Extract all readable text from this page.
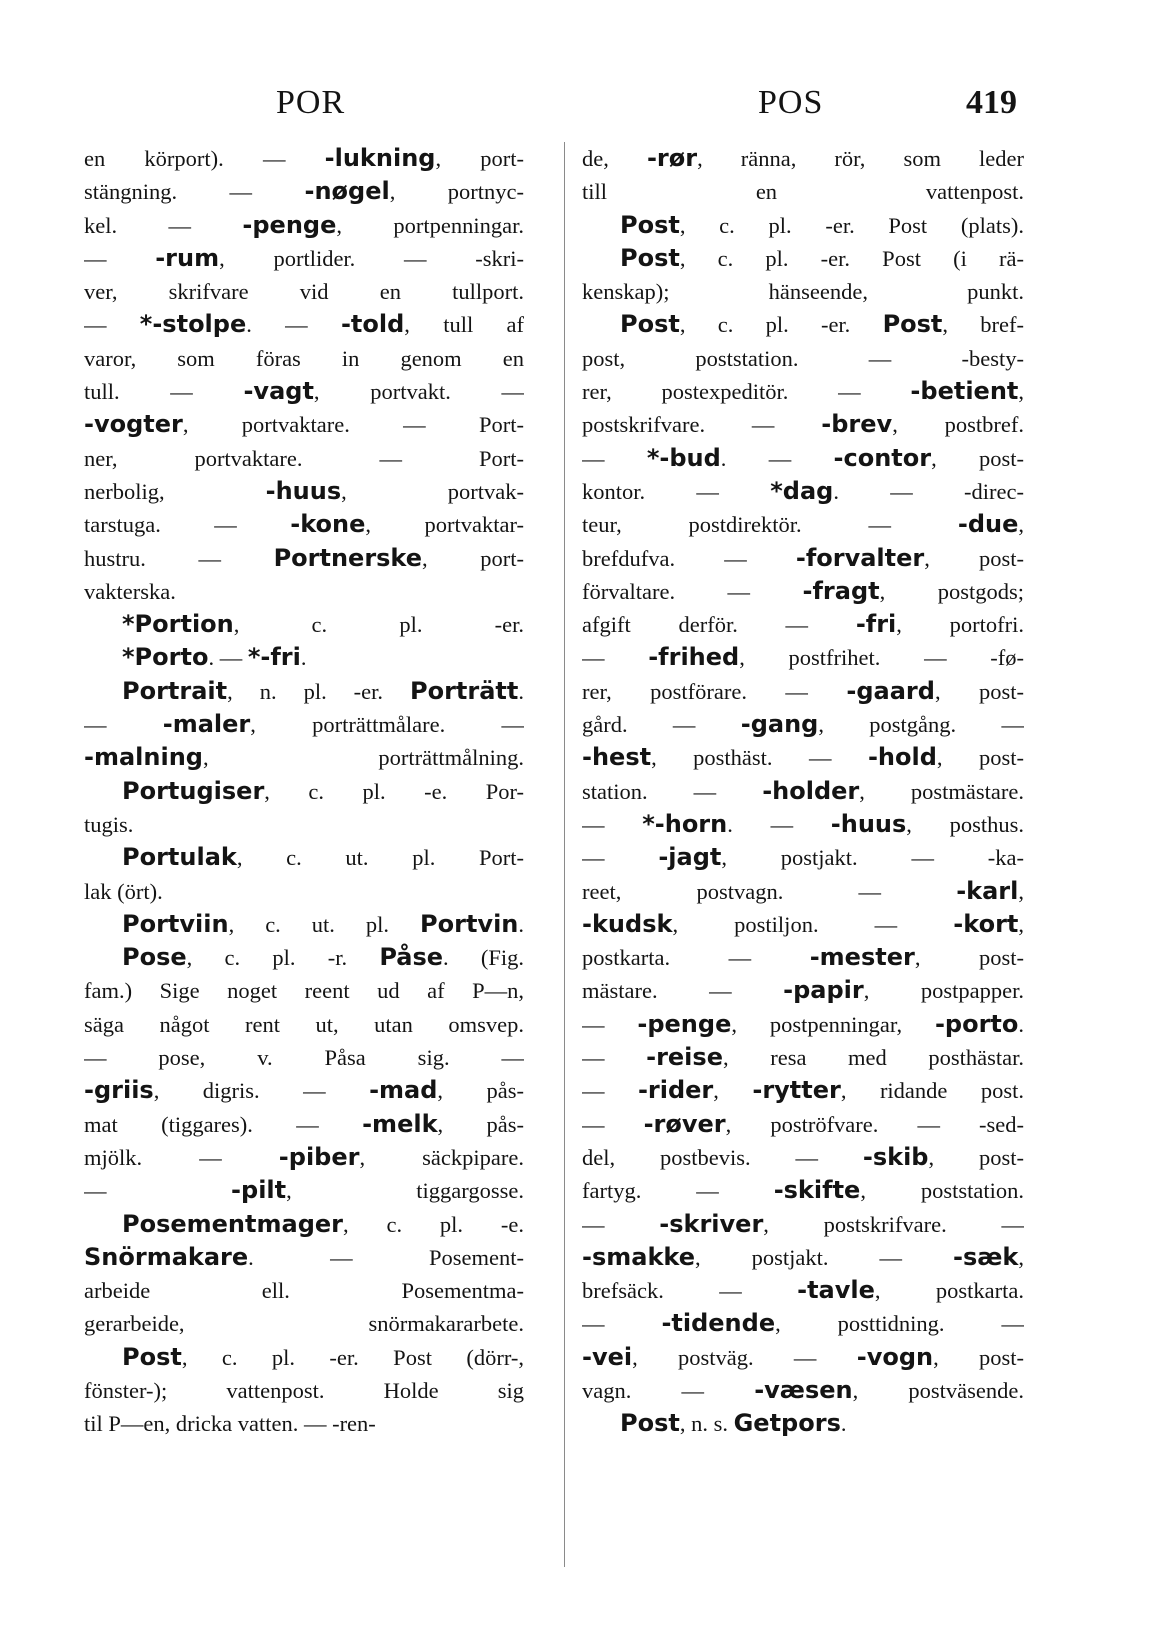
POR	POS	419
en körport). — -lukning, port-
stängning. — -nøgel, portnyc-
kel. — -penge, portpenningar.
— -rum, portlider. — -skri-
ver, skrifvare vid en tullport.
— *-stolpe. — -told, tull af
varor, som föras in genom en
tull. — -vagt, portvakt. —
-vogter, portvaktare. — Port-
ner, portvaktare. — Port-
nerbolig, -huus, portvak-
tarstuga. — -kone, portvaktar-
hustru. — Portnerske, port-
vakterska.
*Portion, c. pl. -er.
*Porto. — *-fri.
Portrait, n. pl. -er. Porträtt.
— -maler, porträttmålare. —
-malning, porträttmålning.
Portugiser, c. pl. -e. Por-
tugis.
Portulak, c. ut. pl. Port-
lak (ört).
Portviin, c. ut. pl. Portvin.
Pose, c. pl. -r. Påse. (Fig.
fam.) Sige noget reent ud af P—n,
säga något rent ut, utan omsvep.
— pose, v. Påsa sig. —
-griis, digris. — -mad, pås-
mat (tiggares). — -melk, pås-
mjölk. — -piber, säckpipare.
— -pilt, tiggargosse.
Posementmager, c. pl. -e.
Snörmakare. — Posement-
arbeide ell. Posementma-
gerarbeide, snörmakararbete.
Post, c. pl. -er. Post (dörr-,
fönster-); vattenpost. Holde sig
til P—en, dricka vatten. — -ren-
de, -rør, ränna, rör, som leder
till en vattenpost.
Post, c. pl. -er. Post (plats).
Post, c. pl. -er. Post (i rä-
kenskap); hänseende, punkt.
Post, c. pl. -er. Post, bref-
post, poststation. — -besty-
rer, postexpeditör. — -betient,
postskrifvare. — -brev, postbref.
— *-bud. — -contor, post-
kontor. — *dag. — -direc-
teur, postdirektör. — -due,
brefdufva. — -forvalter, post-
förvaltare. — -fragt, postgods;
afgift derför. — -fri, portofri.
— -frihed, postfrihet. — -fø-
rer, postförare. — -gaard, post-
gård. — -gang, postgång. —
-hest, posthäst. — -hold, post-
station. — -holder, postmästare.
— *-horn. — -huus, posthus.
— -jagt, postjakt. — -ka-
reet, postvagn. — -karl,
-kudsk, postiljon. — -kort,
postkarta. — -mester, post-
mästare. — -papir, postpapper.
— -penge, postpenningar, -porto.
— -reise, resa med posthästar.
— -rider, -rytter, ridande post.
— -røver, poströfvare. — -sed-
del, postbevis. — -skib, post-
fartyg. — -skifte, poststation.
— -skriver, postskrifvare. —
-smakke, postjakt. — -sæk,
brefsäck. — -tavle, postkarta.
— -tidende, posttidning. —
-vei, postväg. — -vogn, post-
vagn. — -væsen, postväsende.
Post, n. s. Getpors.
